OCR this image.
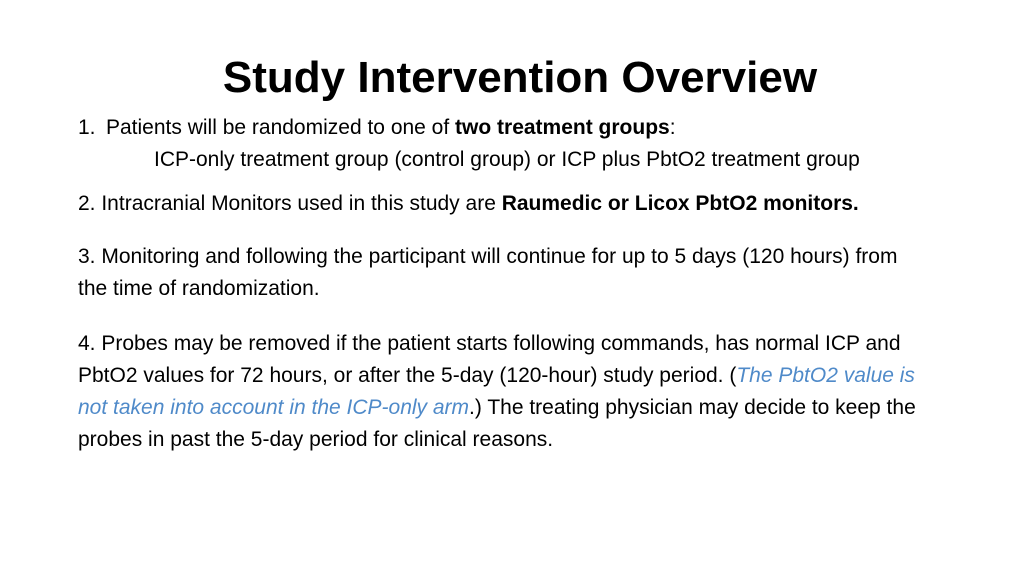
Study Intervention Overview
1. Patients will be randomized to one of two treatment groups:
ICP-only treatment group (control group) or ICP plus PbtO2 treatment group
2. Intracranial Monitors used in this study are Raumedic or Licox PbtO2 monitors.
3. Monitoring and following the participant will continue for up to 5 days (120 hours) from the time of randomization.
4. Probes may be removed if the patient starts following commands, has normal ICP and PbtO2 values for 72 hours, or after the 5-day (120-hour) study period. (The PbtO2 value is not taken into account in the ICP-only arm.) The treating physician may decide to keep the probes in past the 5-day period for clinical reasons.
